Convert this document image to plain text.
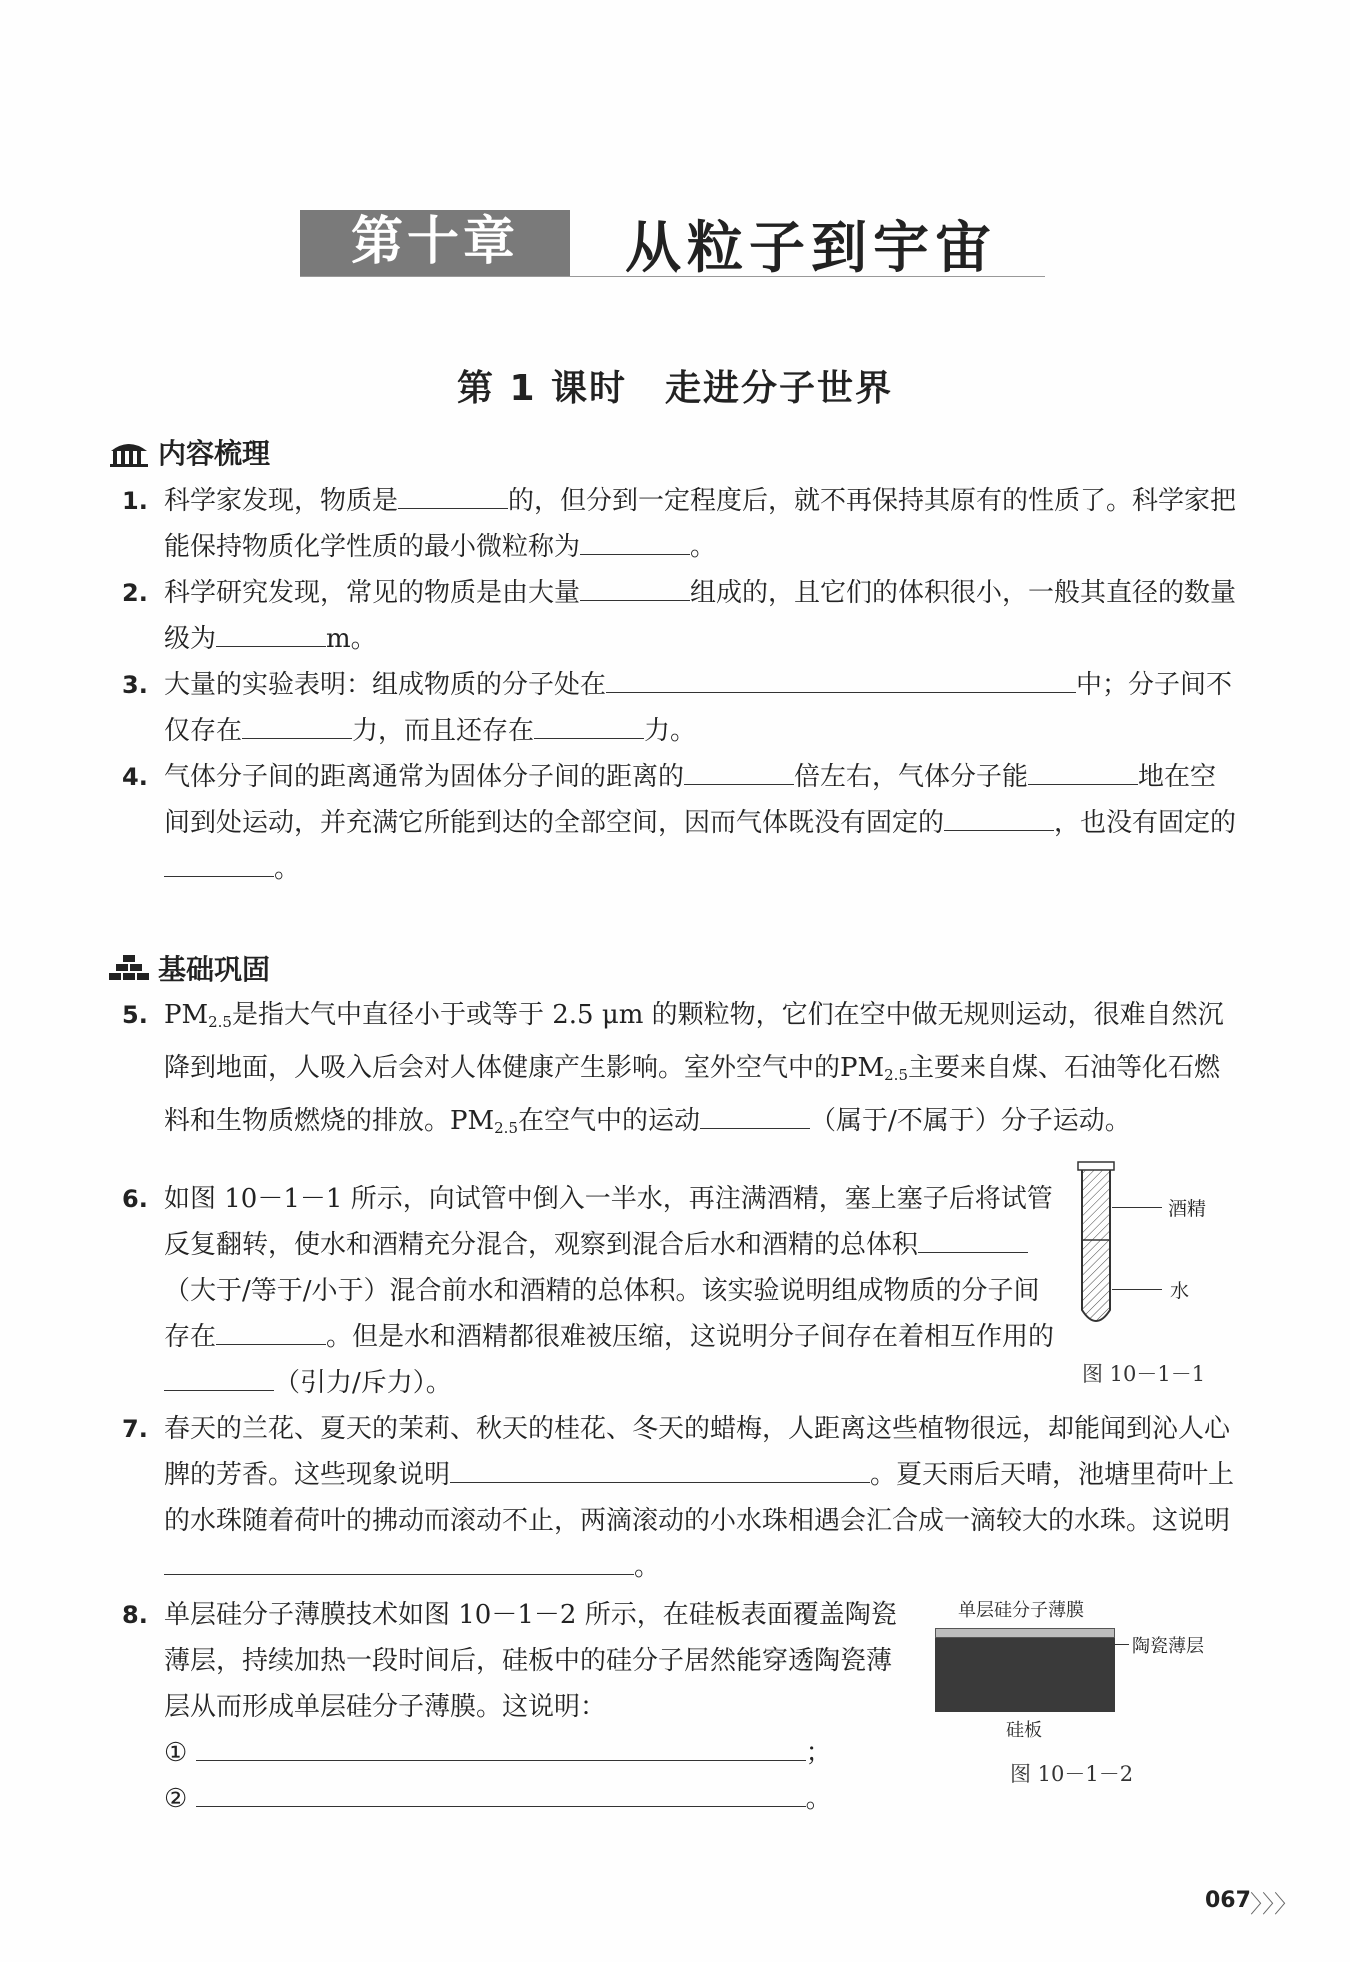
第十章	从粒子到宇宙
第 1 课时　走进分子世界
内容梳理
1. 科学家发现，物质是	的，但分到一定程度后，就不再保持其原有的性质了。科学家把能保持物质化学性质的最小微粒称为	。
2. 科学研究发现，常见的物质是由大量	组成的，且它们的体积很小，一般其直径的数量级为	m。
3. 大量的实验表明：组成物质的分子处在	中；分子间不仅存在	力，而且还存在	力。
4. 气体分子间的距离通常为固体分子间的距离的	倍左右，气体分子能	地在空间到处运动，并充满它所能到达的全部空间，因而气体既没有固定的	，也没有固定的。
基础巩固
5. PM2.5是指大气中直径小于或等于 2.5 μm 的颗粒物，它们在空中做无规则运动，很难自然沉降到地面，人吸入后会对人体健康产生影响。室外空气中的PM2.5主要来自煤、石油等化石燃料和生物质燃烧的排放。PM2.5在空气中的运动	（属于/不属于）分子运动。
6. 如图 10－1－1 所示，向试管中倒入一半水，再注满酒精，塞上塞子后将试管反复翻转，使水和酒精充分混合，观察到混合后水和酒精的总体积（大于/等于/小于）混合前水和酒精的总体积。该实验说明组成物质的分子间存在	。但是水和酒精都很难被压缩，这说明分子间存在着相互作用的（引力/斥力）。
酒精
水
图 10－1－1
7. 春天的兰花、夏天的茉莉、秋天的桂花、冬天的蜡梅，人距离这些植物很远，却能闻到沁人心脾的芳香。这些现象说明	。夏天雨后天晴，池塘里荷叶上的水珠随着荷叶的拂动而滚动不止，两滴滚动的小水珠相遇会汇合成一滴较大的水珠。这说明。
8. 单层硅分子薄膜技术如图 10－1－2 所示，在硅板表面覆盖陶瓷薄层，持续加热一段时间后，硅板中的硅分子居然能穿透陶瓷薄层从而形成单层硅分子薄膜。这说明：
①	；
②	。
单层硅分子薄膜
陶瓷薄层
硅板
图 10－1－2
067 〉〉〉
